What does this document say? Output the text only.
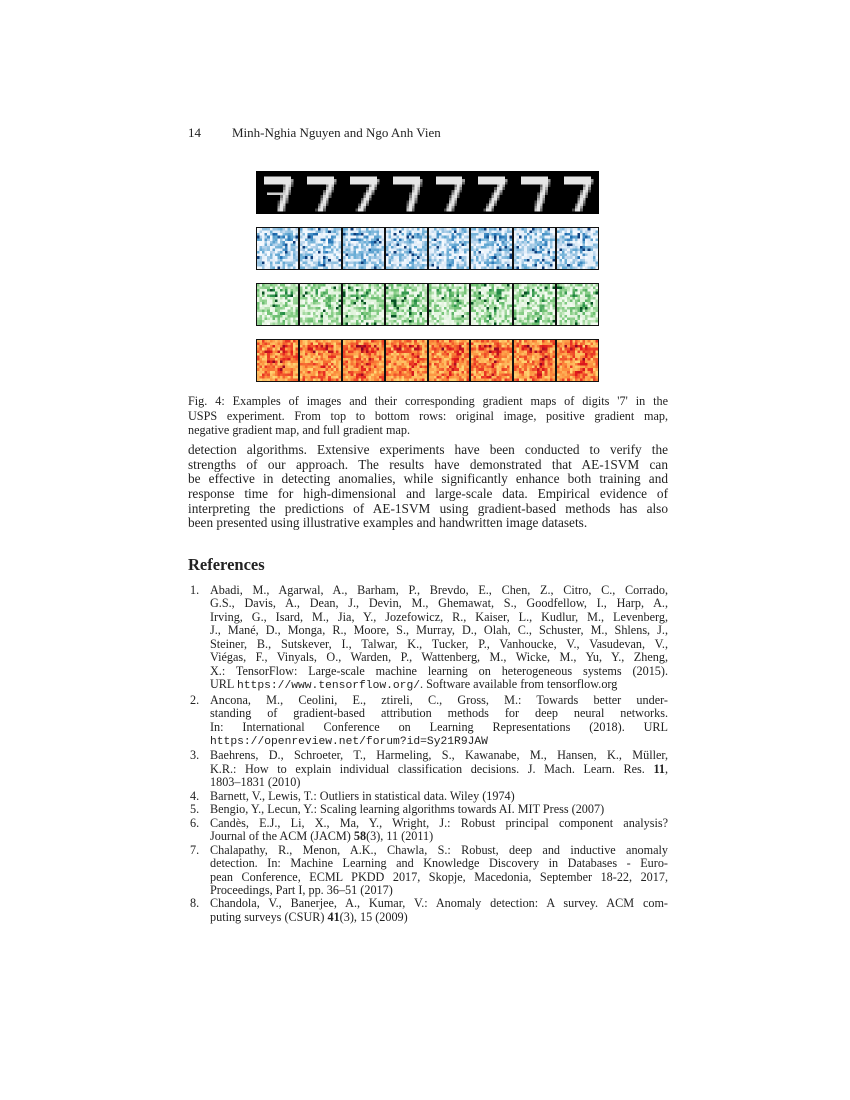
14 Minh-Nghia Nguyen and Ngo Anh Vien
Fig. 4: Examples of images and their corresponding gradient maps of digits '7' in the
USPS experiment. From top to bottom rows: original image, positive gradient map,
negative gradient map, and full gradient map.
detection algorithms. Extensive experiments have been conducted to verify the
strengths of our approach. The results have demonstrated that AE-1SVM can
be effective in detecting anomalies, while significantly enhance both training and
response time for high-dimensional and large-scale data. Empirical evidence of
interpreting the predictions of AE-1SVM using gradient-based methods has also
been presented using illustrative examples and handwritten image datasets.
References
1. Abadi, M., Agarwal, A., Barham, P., Brevdo, E., Chen, Z., Citro, C., Corrado,
G.S., Davis, A., Dean, J., Devin, M., Ghemawat, S., Goodfellow, I., Harp, A.,
Irving, G., Isard, M., Jia, Y., Jozefowicz, R., Kaiser, L., Kudlur, M., Levenberg,
J., Mané, D., Monga, R., Moore, S., Murray, D., Olah, C., Schuster, M., Shlens, J.,
Steiner, B., Sutskever, I., Talwar, K., Tucker, P., Vanhoucke, V., Vasudevan, V.,
Viégas, F., Vinyals, O., Warden, P., Wattenberg, M., Wicke, M., Yu, Y., Zheng,
X.: TensorFlow: Large-scale machine learning on heterogeneous systems (2015).
URL https://www.tensorflow.org/. Software available from tensorflow.org
2. Ancona, M., Ceolini, E., ztireli, C., Gross, M.: Towards better under-
standing of gradient-based attribution methods for deep neural networks.
In: International Conference on Learning Representations (2018). URL
https://openreview.net/forum?id=Sy21R9JAW
3. Baehrens, D., Schroeter, T., Harmeling, S., Kawanabe, M., Hansen, K., Müller,
K.R.: How to explain individual classification decisions. J. Mach. Learn. Res. 11,
1803–1831 (2010)
4. Barnett, V., Lewis, T.: Outliers in statistical data. Wiley (1974)
5. Bengio, Y., Lecun, Y.: Scaling learning algorithms towards AI. MIT Press (2007)
6. Candès, E.J., Li, X., Ma, Y., Wright, J.: Robust principal component analysis?
Journal of the ACM (JACM) 58(3), 11 (2011)
7. Chalapathy, R., Menon, A.K., Chawla, S.: Robust, deep and inductive anomaly
detection. In: Machine Learning and Knowledge Discovery in Databases - Euro-
pean Conference, ECML PKDD 2017, Skopje, Macedonia, September 18-22, 2017,
Proceedings, Part I, pp. 36–51 (2017)
8. Chandola, V., Banerjee, A., Kumar, V.: Anomaly detection: A survey. ACM com-
puting surveys (CSUR) 41(3), 15 (2009)
